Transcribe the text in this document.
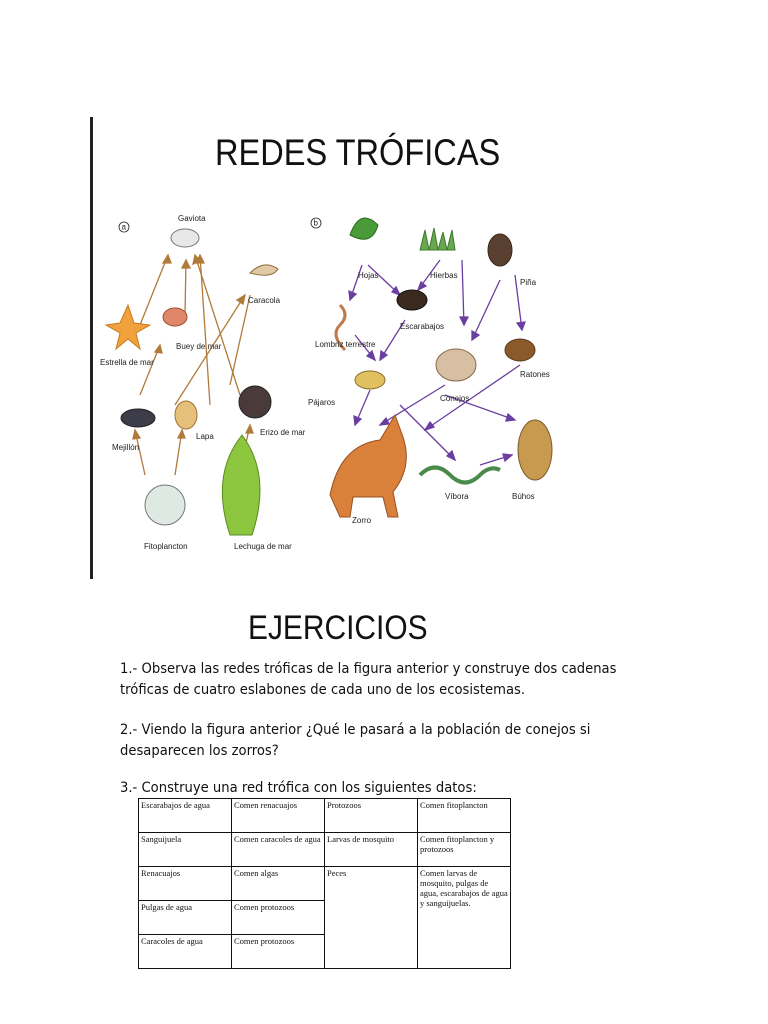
REDES TRÓFICAS
a
Gaviota
Caracola
Buey de mar
Estrella de mar
Mejillón
Lapa	Erizo de mar
Fitoplancton	Lechuga de mar
b
Hojas	Hierbas
Piña
Escarabajos
Lombriz terrestre
Conejos
Ratones
Pájaros
Zorro
Víbora	Búhos
EJERCICIOS
1.- Observa las redes tróficas de la figura anterior y construye dos cadenas tróficas de cuatro eslabones de cada uno de los ecosistemas.
2.- Viendo la figura anterior ¿Qué le pasará a la población de conejos si desaparecen los zorros?
3.- Construye una red trófica con los siguientes datos:
Escarabajos de agua	Comen renacuajos	Protozoos	Comen fitoplancton
Sanguijuela	Comen caracoles de agua	Larvas de mosquito	Comen fitoplancton y protozoos
Renacuajos	Comen algas	Peces	Comen larvas de mosquito, pulgas de agua, escarabajos de agua y sanguijuelas.
Pulgas de agua	Comen protozoos		
Caracoles de agua	Comen protozoos		
